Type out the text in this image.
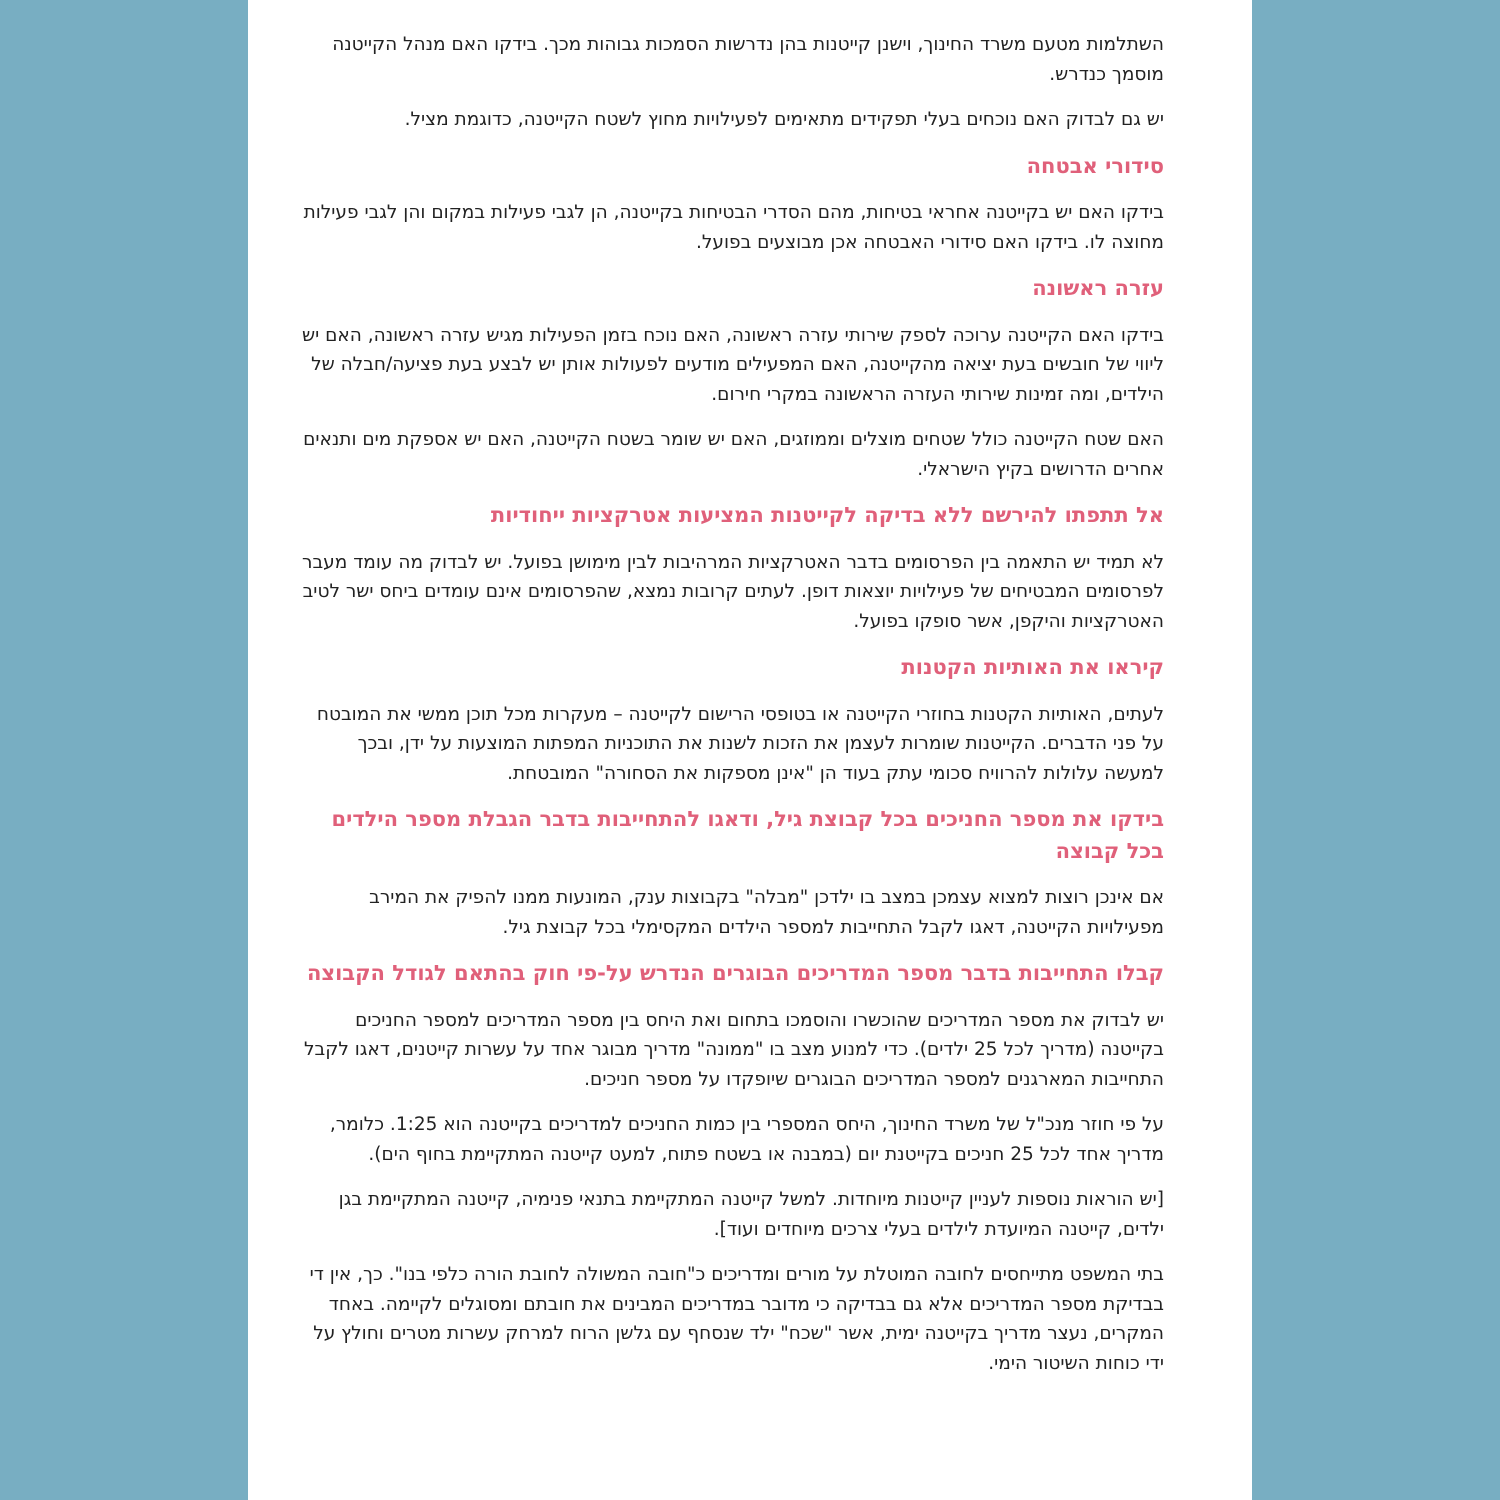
השתלמות מטעם משרד החינוך, וישנן קייטנות בהן נדרשות הסמכות גבוהות מכך. בידקו האם מנהל הקייטנה מוסמך כנדרש.

יש גם לבדוק האם נוכחים בעלי תפקידים מתאימים לפעילויות מחוץ לשטח הקייטנה, כדוגמת מציל.

סידורי אבטחה

בידקו האם יש בקייטנה אחראי בטיחות, מהם הסדרי הבטיחות בקייטנה, הן לגבי פעילות במקום והן לגבי פעילות מחוצה לו. בידקו האם סידורי האבטחה אכן מבוצעים בפועל.

עזרה ראשונה

בידקו האם הקייטנה ערוכה לספק שירותי עזרה ראשונה, האם נוכח בזמן הפעילות מגיש עזרה ראשונה, האם יש ליווי של חובשים בעת יציאה מהקייטנה, האם המפעילים מודעים לפעולות אותן יש לבצע בעת פציעה/חבלה של הילדים, ומה זמינות שירותי העזרה הראשונה במקרי חירום.

האם שטח הקייטנה כולל שטחים מוצלים וממוזגים, האם יש שומר בשטח הקייטנה, האם יש אספקת מים ותנאים אחרים הדרושים בקיץ הישראלי.

אל תתפתו להירשם ללא בדיקה לקייטנות המציעות אטרקציות ייחודיות

לא תמיד יש התאמה בין הפרסומים בדבר האטרקציות המרהיבות לבין מימושן בפועל. יש לבדוק מה עומד מעבר לפרסומים המבטיחים של פעילויות יוצאות דופן. לעתים קרובות נמצא, שהפרסומים אינם עומדים ביחס ישר לטיב האטרקציות והיקפן, אשר סופקו בפועל.

קיראו את האותיות הקטנות

לעתים, האותיות הקטנות בחוזרי הקייטנה או בטופסי הרישום לקייטנה – מעקרות מכל תוכן ממשי את המובטח על פני הדברים. הקייטנות שומרות לעצמן את הזכות לשנות את התוכניות המפתות המוצעות על ידן, ובכך למעשה עלולות להרוויח סכומי עתק בעוד הן "אינן מספקות את הסחורה" המובטחת.

בידקו את מספר החניכים בכל קבוצת גיל, ודאגו להתחייבות בדבר הגבלת מספר הילדים בכל קבוצה

אם אינכן רוצות למצוא עצמכן במצב בו ילדכן "מבלה" בקבוצות ענק, המונעות ממנו להפיק את המירב מפעילויות הקייטנה, דאגו לקבל התחייבות למספר הילדים המקסימלי בכל קבוצת גיל.

קבלו התחייבות בדבר מספר המדריכים הבוגרים הנדרש על-פי חוק בהתאם לגודל הקבוצה

יש לבדוק את מספר המדריכים שהוכשרו והוסמכו בתחום ואת היחס בין מספר המדריכים למספר החניכים בקייטנה (מדריך לכל 25 ילדים). כדי למנוע מצב בו "ממונה" מדריך מבוגר אחד על עשרות קייטנים, דאגו לקבל התחייבות המארגנים למספר המדריכים הבוגרים שיופקדו על מספר חניכים.

על פי חוזר מנכ"ל של משרד החינוך, היחס המספרי בין כמות החניכים למדריכים בקייטנה הוא 1:25. כלומר, מדריך אחד לכל 25 חניכים בקייטנת יום (במבנה או בשטח פתוח, למעט קייטנה המתקיימת בחוף הים).

[יש הוראות נוספות לעניין קייטנות מיוחדות. למשל קייטנה המתקיימת בתנאי פנימיה, קייטנה המתקיימת בגן ילדים, קייטנה המיועדת לילדים בעלי צרכים מיוחדים ועוד].

בתי המשפט מתייחסים לחובה המוטלת על מורים ומדריכים כ"חובה המשולה לחובת הורה כלפי בנו". כך, אין די בבדיקת מספר המדריכים אלא גם בבדיקה כי מדובר במדריכים המבינים את חובתם ומסוגלים לקיימה. באחד המקרים, נעצר מדריך בקייטנה ימית, אשר "שכח" ילד שנסחף עם גלשן הרוח למרחק עשרות מטרים וחולץ על ידי כוחות השיטור הימי.
